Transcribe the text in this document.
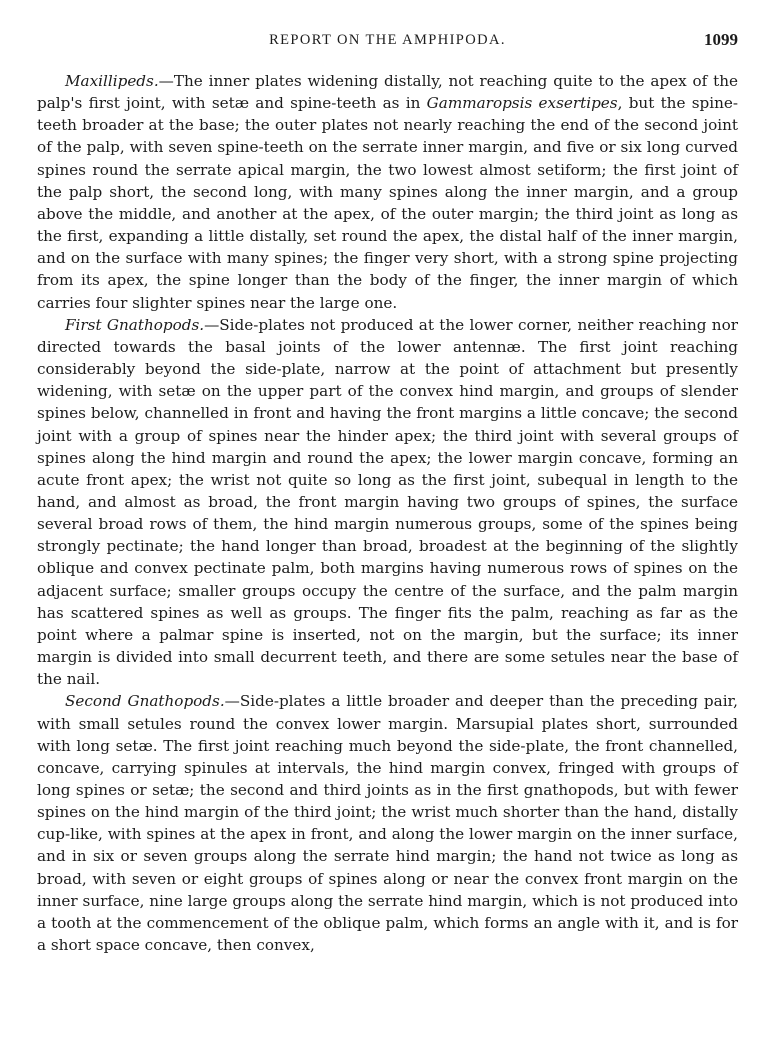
REPORT ON THE AMPHIPODA.	1099

Maxillipeds.—The inner plates widening distally, not reaching quite to the apex of the palp's first joint, with setæ and spine-teeth as in Gammaropsis exsertipes, but the spine-teeth broader at the base; the outer plates not nearly reaching the end of the second joint of the palp, with seven spine-teeth on the serrate inner margin, and five or six long curved spines round the serrate apical margin, the two lowest almost setiform; the first joint of the palp short, the second long, with many spines along the inner margin, and a group above the middle, and another at the apex, of the outer margin; the third joint as long as the first, expanding a little distally, set round the apex, the distal half of the inner margin, and on the surface with many spines; the finger very short, with a strong spine projecting from its apex, the spine longer than the body of the finger, the inner margin of which carries four slighter spines near the large one.

First Gnathopods.—Side-plates not produced at the lower corner, neither reaching nor directed towards the basal joints of the lower antennæ. The first joint reaching considerably beyond the side-plate, narrow at the point of attachment but presently widening, with setæ on the upper part of the convex hind margin, and groups of slender spines below, channelled in front and having the front margins a little concave; the second joint with a group of spines near the hinder apex; the third joint with several groups of spines along the hind margin and round the apex; the lower margin concave, forming an acute front apex; the wrist not quite so long as the first joint, subequal in length to the hand, and almost as broad, the front margin having two groups of spines, the surface several broad rows of them, the hind margin numerous groups, some of the spines being strongly pectinate; the hand longer than broad, broadest at the beginning of the slightly oblique and convex pectinate palm, both margins having numerous rows of spines on the adjacent surface; smaller groups occupy the centre of the surface, and the palm margin has scattered spines as well as groups. The finger fits the palm, reaching as far as the point where a palmar spine is inserted, not on the margin, but the surface; its inner margin is divided into small decurrent teeth, and there are some setules near the base of the nail.

Second Gnathopods.—Side-plates a little broader and deeper than the preceding pair, with small setules round the convex lower margin. Marsupial plates short, surrounded with long setæ. The first joint reaching much beyond the side-plate, the front channelled, concave, carrying spinules at intervals, the hind margin convex, fringed with groups of long spines or setæ; the second and third joints as in the first gnathopods, but with fewer spines on the hind margin of the third joint; the wrist much shorter than the hand, distally cup-like, with spines at the apex in front, and along the lower margin on the inner surface, and in six or seven groups along the serrate hind margin; the hand not twice as long as broad, with seven or eight groups of spines along or near the convex front margin on the inner surface, nine large groups along the serrate hind margin, which is not produced into a tooth at the commencement of the oblique palm, which forms an angle with it, and is for a short space concave, then convex,
